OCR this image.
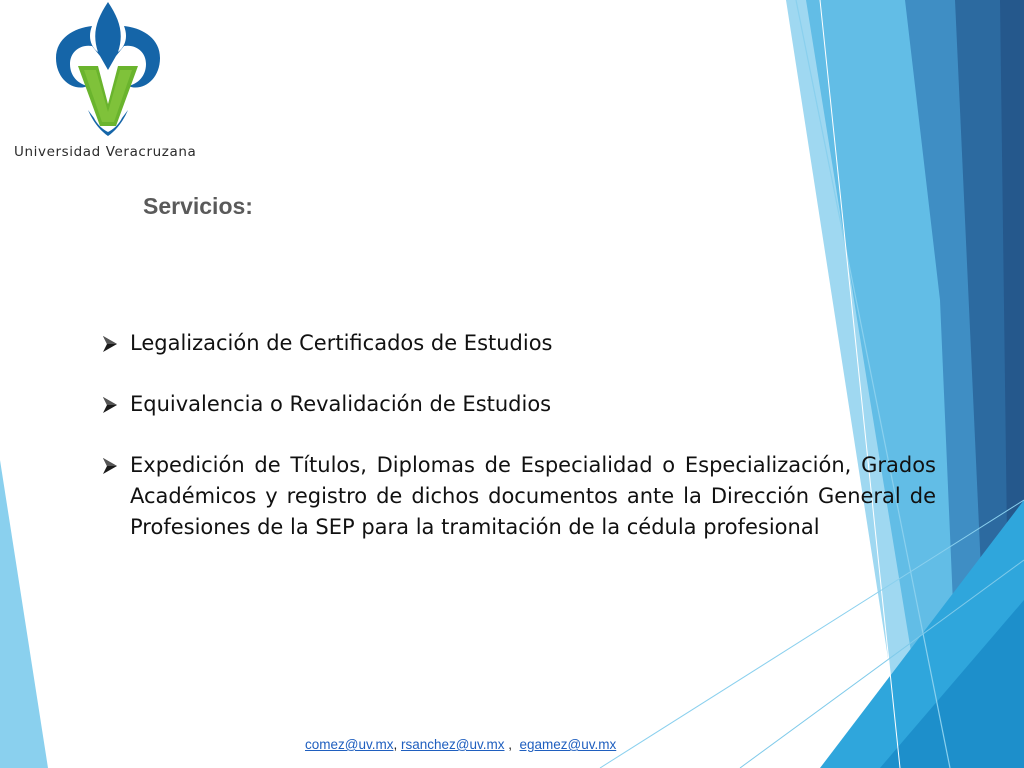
Universidad Veracruzana
Servicios:
Legalización de Certificados de Estudios
Equivalencia o Revalidación de Estudios
Expedición de Títulos, Diplomas de Especialidad o Especialización, Grados Académicos y registro de dichos documentos ante la Dirección General de Profesiones de la SEP para la tramitación de la cédula profesional
comez@uv.mx, rsanchez@uv.mx ,  egamez@uv.mx
